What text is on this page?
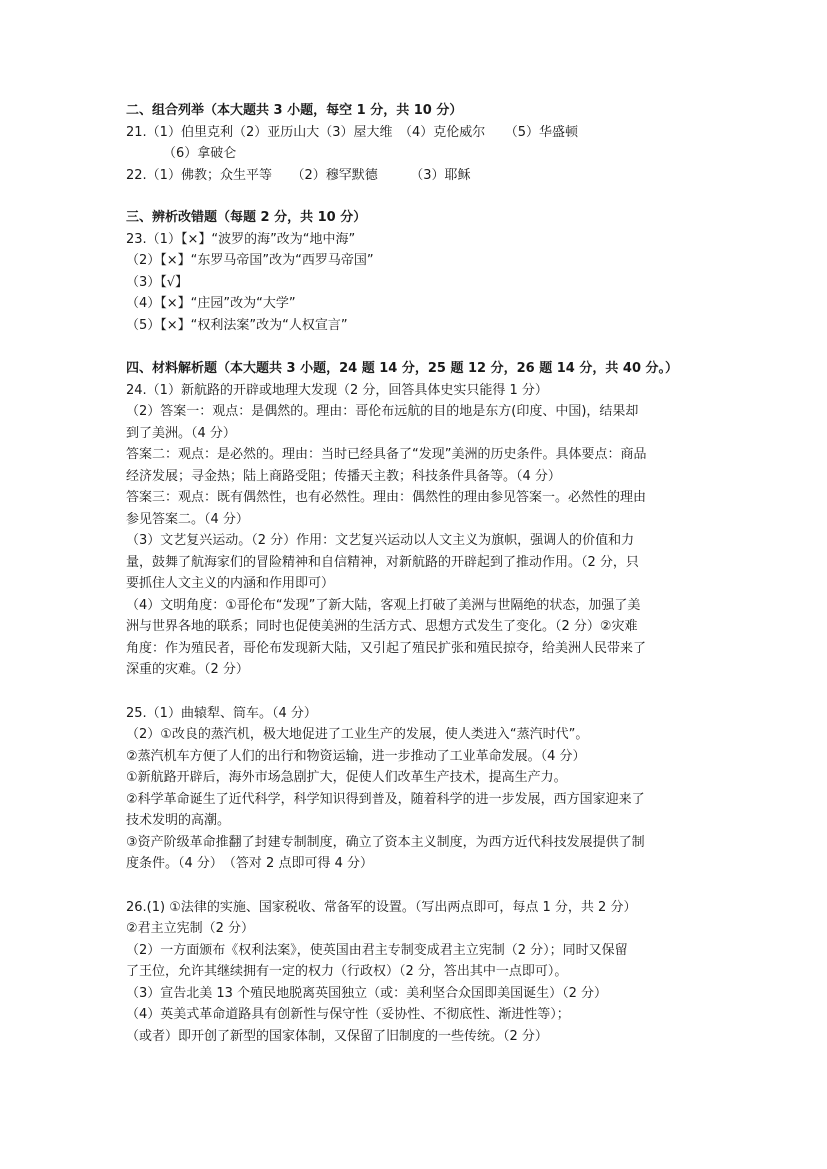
二、组合列举（本大题共 3 小题，每空 1 分，共 10 分）
21.（1）伯里克利（2）亚历山大（3）屋大维　（4）克伦威尔　　（5）华盛顿
（6）拿破仑
22.（1）佛教；众生平等　　（2）穆罕默德　　　（3）耶稣
三、辨析改错题（每题 2 分，共 10 分）
23.（1）【×】“波罗的海”改为“地中海”
（2）【×】“东罗马帝国”改为“西罗马帝国”
（3）【√】
（4）【×】“庄园”改为“大学”
（5）【×】“权利法案”改为“人权宣言”
四、材料解析题（本大题共 3 小题，24 题 14 分，25 题 12 分，26 题 14 分，共 40 分。）
24.（1）新航路的开辟或地理大发现（2 分，回答具体史实只能得 1 分）
（2）答案一：观点：是偶然的。理由：哥伦布远航的目的地是东方(印度、中国)，结果却
到了美洲。（4 分）
答案二：观点：是必然的。理由：当时已经具备了“发现”美洲的历史条件。具体要点：商品
经济发展；寻金热；陆上商路受阻；传播天主教；科技条件具备等。（4 分）
答案三：观点：既有偶然性，也有必然性。理由：偶然性的理由参见答案一。必然性的理由
参见答案二。（4 分）
（3）文艺复兴运动。（2 分）作用：文艺复兴运动以人文主义为旗帜，强调人的价值和力
量，鼓舞了航海家们的冒险精神和自信精神，对新航路的开辟起到了推动作用。（2 分，只
要抓住人文主义的内涵和作用即可）
（4）文明角度：①哥伦布“发现”了新大陆，客观上打破了美洲与世隔绝的状态，加强了美
洲与世界各地的联系；同时也促使美洲的生活方式、思想方式发生了变化。（2 分）②灾难
角度：作为殖民者，哥伦布发现新大陆，又引起了殖民扩张和殖民掠夺，给美洲人民带来了
深重的灾难。（2 分）
25.（1）曲辕犁、筒车。（4 分）
（2）①改良的蒸汽机，极大地促进了工业生产的发展，使人类进入“蒸汽时代”。
②蒸汽机车方便了人们的出行和物资运输，进一步推动了工业革命发展。（4 分）
①新航路开辟后，海外市场急剧扩大，促使人们改革生产技术，提高生产力。
②科学革命诞生了近代科学，科学知识得到普及，随着科学的进一步发展，西方国家迎来了
技术发明的高潮。
③资产阶级革命推翻了封建专制制度，确立了资本主义制度，为西方近代科技发展提供了制
度条件。（4 分）　（答对 2 点即可得 4 分）
26.(1) ①法律的实施、国家税收、常备军的设置。（写出两点即可，每点 1 分，共 2 分）
②君主立宪制（2 分）
（2）一方面颁布《权利法案》，使英国由君主专制变成君主立宪制（2 分）；同时又保留
了王位，允许其继续拥有一定的权力（行政权）（2 分，答出其中一点即可）。
（3）宣告北美 13 个殖民地脱离英国独立（或：美利坚合众国即美国诞生）（2 分）
（4）英美式革命道路具有创新性与保守性（妥协性、不彻底性、渐进性等）；
（或者）即开创了新型的国家体制，又保留了旧制度的一些传统。（2 分）
